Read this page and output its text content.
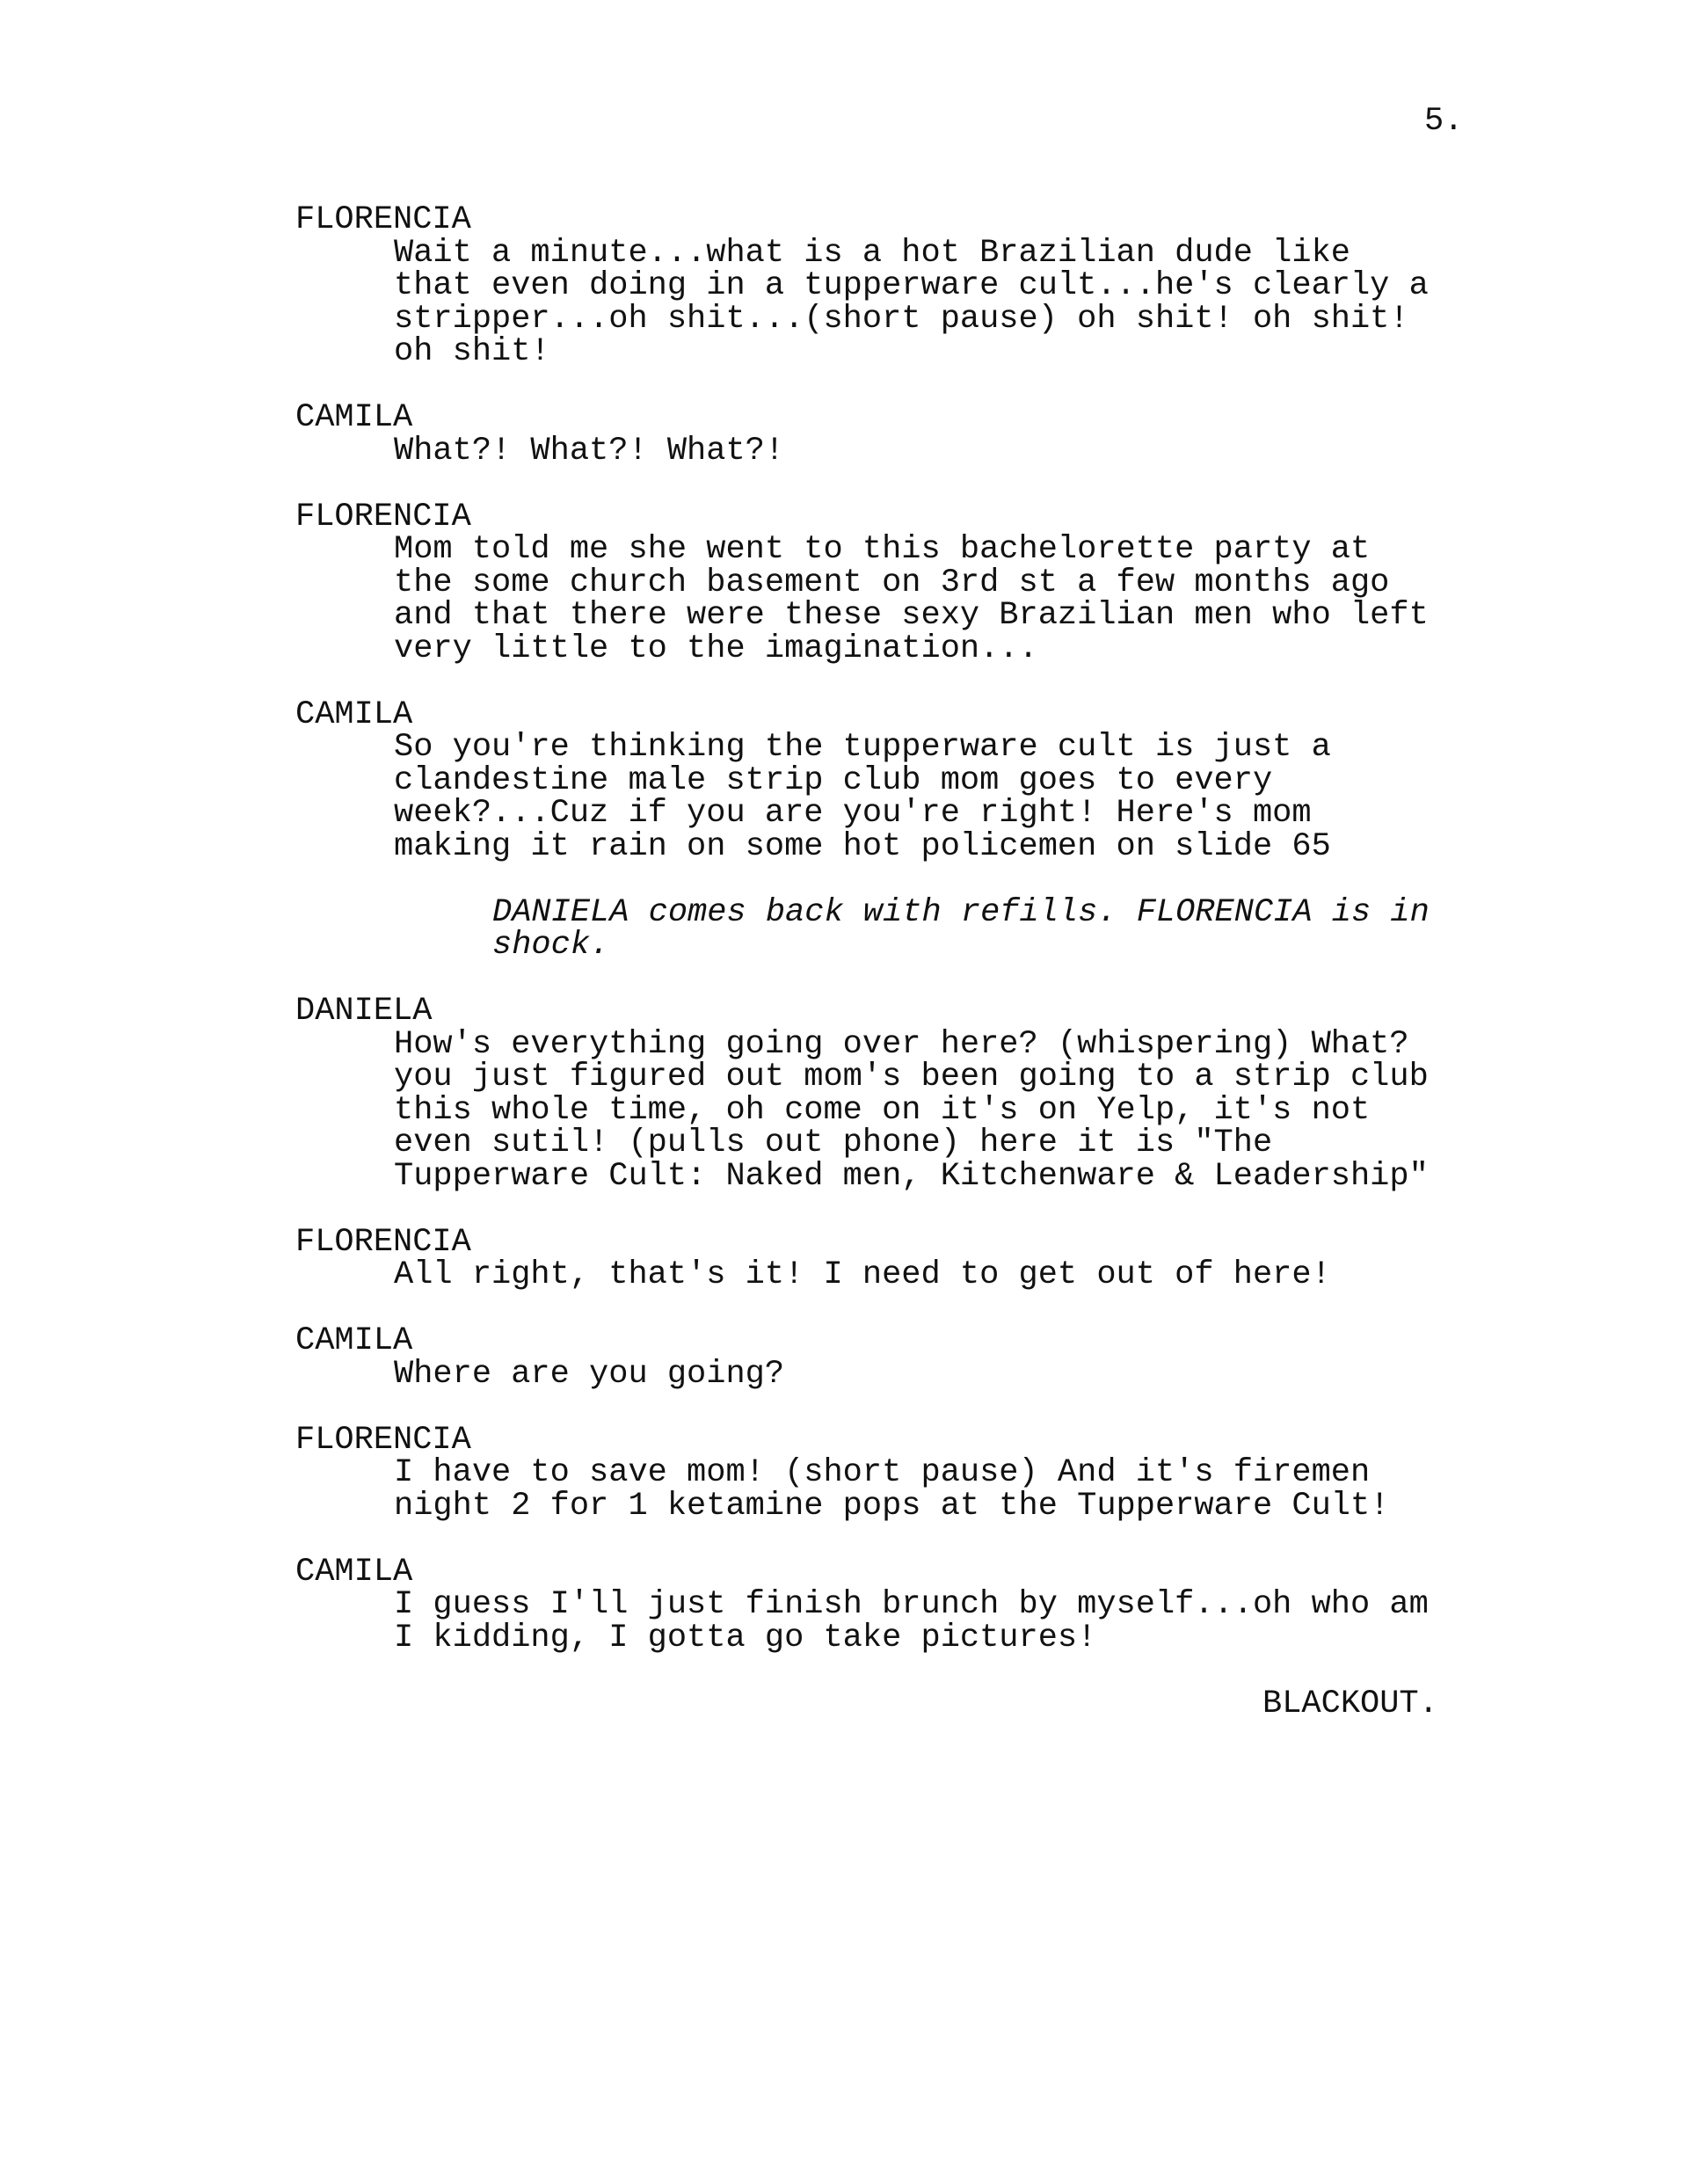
5.
FLORENCIA
Wait a minute...what is a hot Brazilian dude like
that even doing in a tupperware cult...he's clearly a
stripper...oh shit...(short pause) oh shit! oh shit!
oh shit!
CAMILA
What?! What?! What?!
FLORENCIA
Mom told me she went to this bachelorette party at
the some church basement on 3rd st a few months ago
and that there were these sexy Brazilian men who left
very little to the imagination...
CAMILA
So you're thinking the tupperware cult is just a
clandestine male strip club mom goes to every
week?...Cuz if you are you're right! Here's mom
making it rain on some hot policemen on slide 65
DANIELA comes back with refills. FLORENCIA is in
shock.
DANIELA
How's everything going over here? (whispering) What?
you just figured out mom's been going to a strip club
this whole time, oh come on it's on Yelp, it's not
even sutil! (pulls out phone) here it is "The
Tupperware Cult: Naked men, Kitchenware & Leadership"
FLORENCIA
All right, that's it! I need to get out of here!
CAMILA
Where are you going?
FLORENCIA
I have to save mom! (short pause) And it's firemen
night 2 for 1 ketamine pops at the Tupperware Cult!
CAMILA
I guess I'll just finish brunch by myself...oh who am
I kidding, I gotta go take pictures!
BLACKOUT.
